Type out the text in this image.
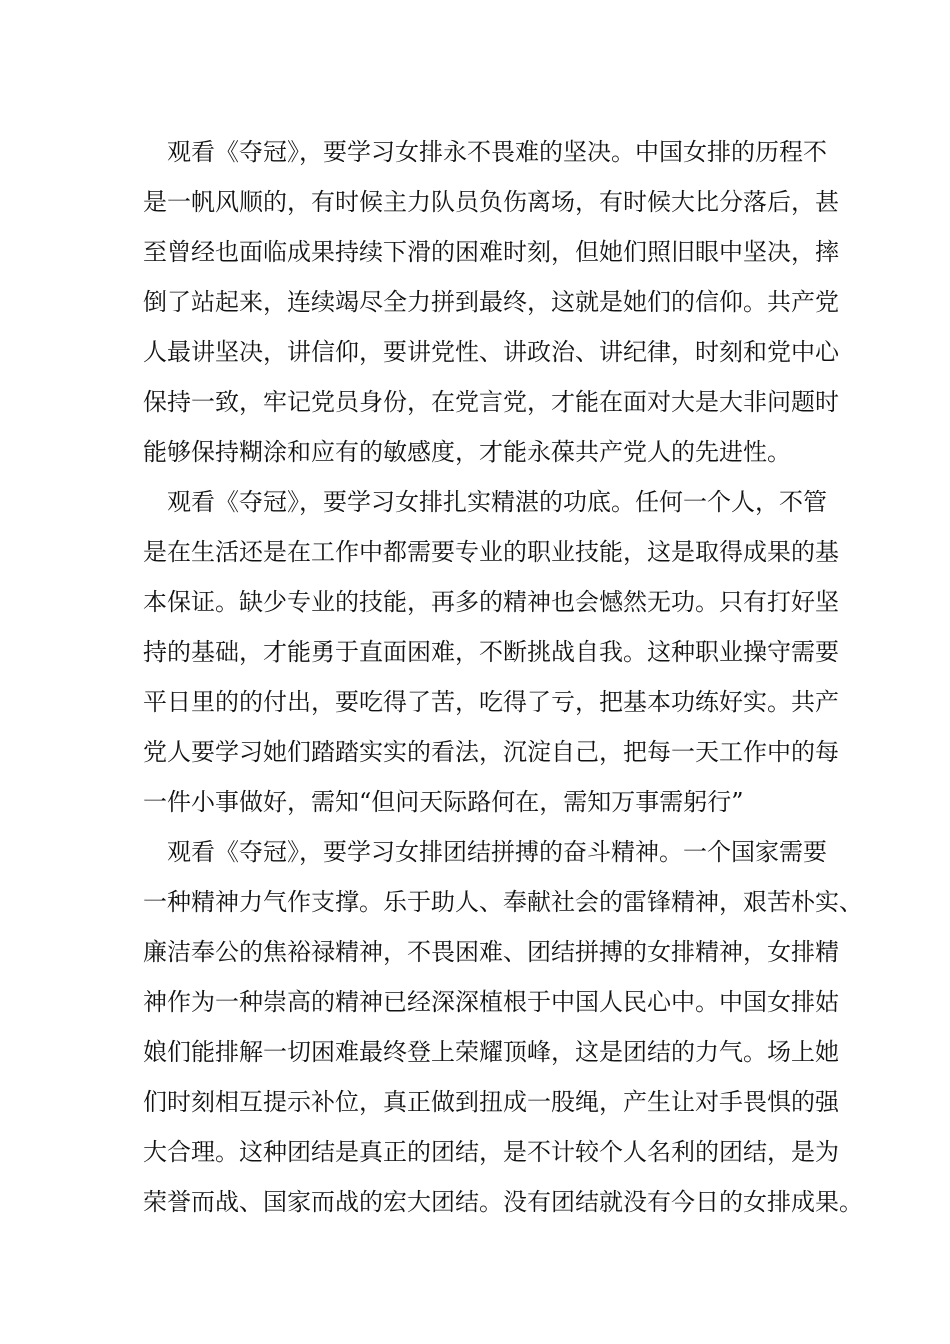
观看《夺冠》，要学习女排永不畏难的坚决。中国女排的历程不
是一帆风顺的，有时候主力队员负伤离场，有时候大比分落后，甚
至曾经也面临成果持续下滑的困难时刻，但她们照旧眼中坚决，摔
倒了站起来，连续竭尽全力拼到最终，这就是她们的信仰。共产党
人最讲坚决，讲信仰，要讲党性、讲政治、讲纪律，时刻和党中心
保持一致，牢记党员身份，在党言党，才能在面对大是大非问题时
能够保持糊涂和应有的敏感度，才能永葆共产党人的先进性。
观看《夺冠》，要学习女排扎实精湛的功底。任何一个人，不管
是在生活还是在工作中都需要专业的职业技能，这是取得成果的基
本保证。缺少专业的技能，再多的精神也会憾然无功。只有打好坚
持的基础，才能勇于直面困难，不断挑战自我。这种职业操守需要
平日里的的付出，要吃得了苦，吃得了亏，把基本功练好实。共产
党人要学习她们踏踏实实的看法，沉淀自己，把每一天工作中的每
一件小事做好，需知“但问天际路何在，需知万事需躬行”
观看《夺冠》，要学习女排团结拼搏的奋斗精神。一个国家需要
一种精神力气作支撑。乐于助人、奉献社会的雷锋精神，艰苦朴实、
廉洁奉公的焦裕禄精神，不畏困难、团结拼搏的女排精神，女排精
神作为一种崇高的精神已经深深植根于中国人民心中。中国女排姑
娘们能排解一切困难最终登上荣耀顶峰，这是团结的力气。场上她
们时刻相互提示补位，真正做到扭成一股绳，产生让对手畏惧的强
大合理。这种团结是真正的团结，是不计较个人名利的团结，是为
荣誉而战、国家而战的宏大团结。没有团结就没有今日的女排成果。
